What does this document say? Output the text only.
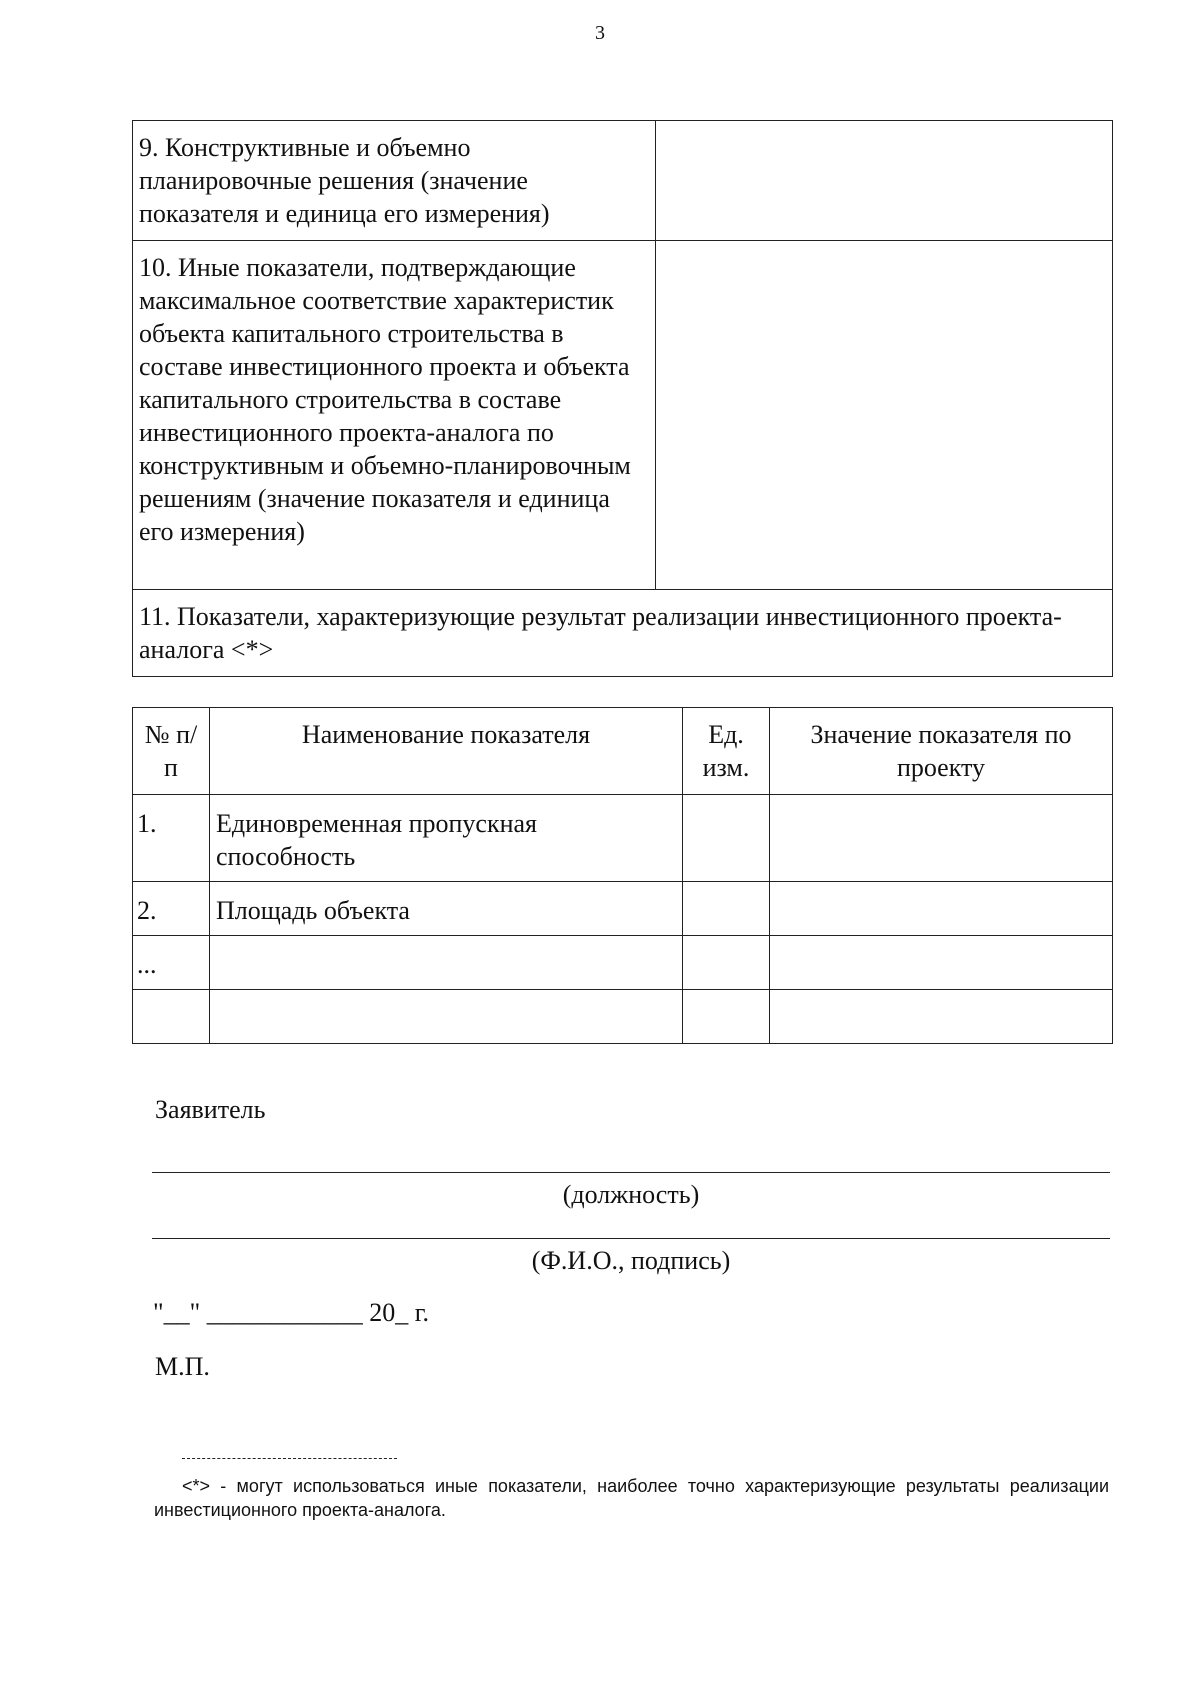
3
9. Конструктивные и объемно планировочные решения (значение показателя и единица его измерения)	
10. Иные показатели, подтверждающие максимальное соответствие характеристик объекта капитального строительства в составе инвестиционного проекта и объекта капитального строительства в составе инвестиционного проекта-аналога по конструктивным и объемно-планировочным решениям (значение показателя и единица его измерения)	
11. Показатели, характеризующие результат реализации инвестиционного проекта-аналога <*>	
№ п/п	Наименование показателя	Ед. изм.	Значение показателя по проекту
1.	Единовременная пропускная способность		
2.	Площадь объекта		
...			

Заявитель
(должность)
(Ф.И.О., подпись)
"__" ____________ 20_ г.
М.П.
<*> - могут использоваться иные показатели, наиболее точно характеризующие результаты реализации инвестиционного проекта-аналога.
